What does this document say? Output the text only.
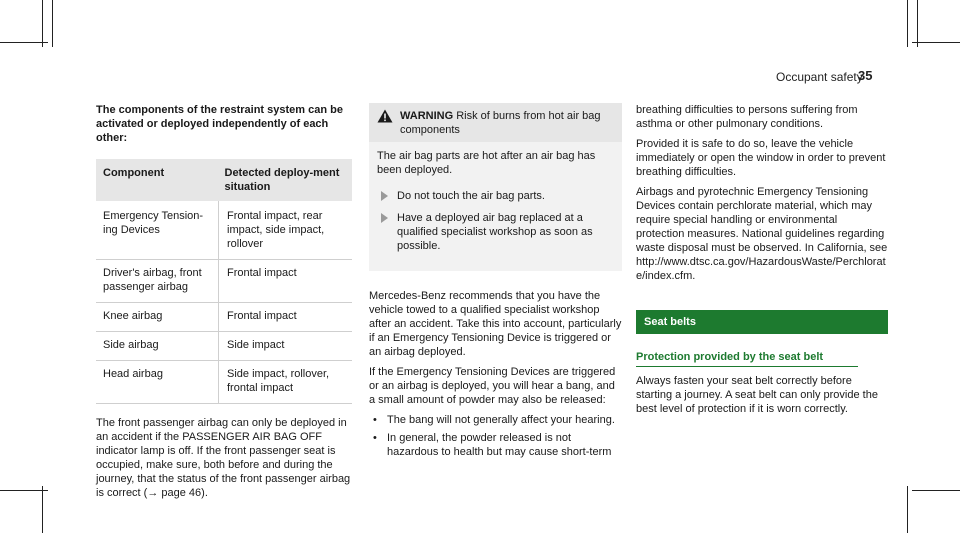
Occupant safety
35

The components of the restraint system can be activated or deployed independently of each other:

Component	Detected deploy-ment situation
Emergency Tension-ing Devices	Frontal impact, rear impact, side impact, rollover
Driver's airbag, front passenger airbag	Frontal impact
Knee airbag	Frontal impact
Side airbag	Side impact
Head airbag	Side impact, rollover, frontal impact

The front passenger airbag can only be deployed in an accident if the PASSENGER AIR BAG OFF indicator lamp is off. If the front passenger seat is occupied, make sure, both before and during the journey, that the status of the front passenger airbag is correct (→ page 46).

WARNING Risk of burns from hot air bag components

The air bag parts are hot after an air bag has been deployed.

Do not touch the air bag parts.
Have a deployed air bag replaced at a qualified specialist workshop as soon as possible.

Mercedes-Benz recommends that you have the vehicle towed to a qualified specialist workshop after an accident. Take this into account, particularly if an Emergency Tensioning Device is triggered or an airbag deployed.

If the Emergency Tensioning Devices are triggered or an airbag is deployed, you will hear a bang, and a small amount of powder may also be released:

• The bang will not generally affect your hearing.
• In general, the powder released is not hazardous to health but may cause short-term

breathing difficulties to persons suffering from asthma or other pulmonary conditions.

Provided it is safe to do so, leave the vehicle immediately or open the window in order to prevent breathing difficulties.

Airbags and pyrotechnic Emergency Tensioning Devices contain perchlorate material, which may require special handling or environmental protection measures. National guidelines regarding waste disposal must be observed. In California, see http://www.dtsc.ca.gov/HazardousWaste/Perchlorate/index.cfm.

Seat belts
Protection provided by the seat belt

Always fasten your seat belt correctly before starting a journey. A seat belt can only provide the best level of protection if it is worn correctly.
